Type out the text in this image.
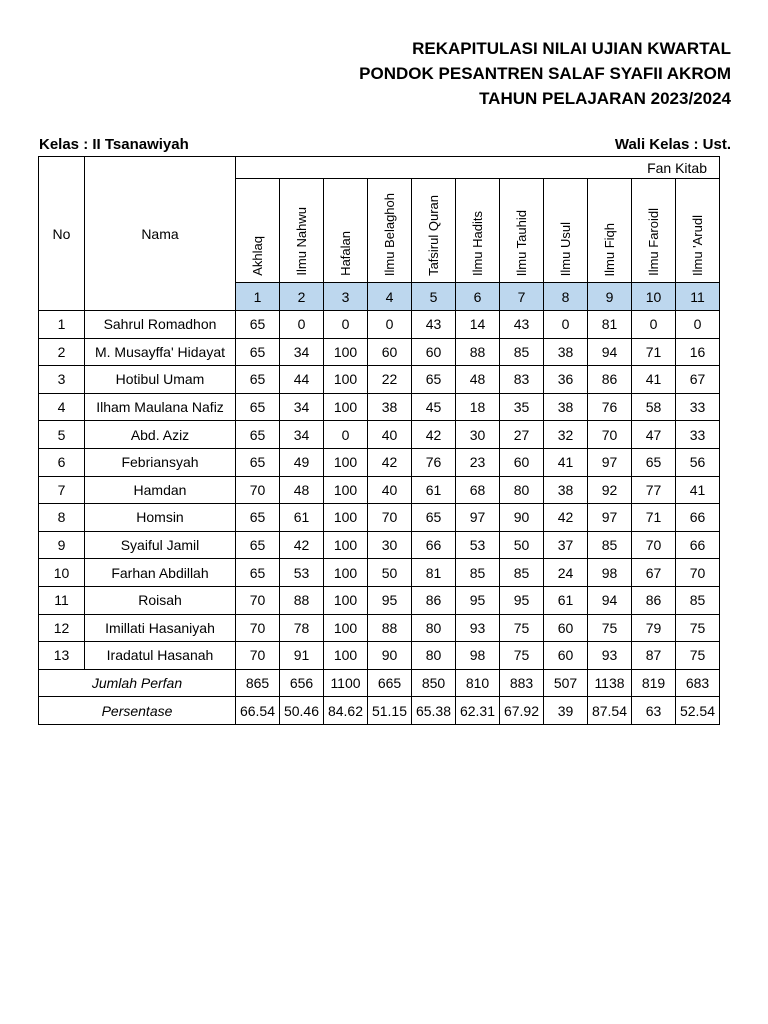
REKAPITULASI NILAI UJIAN KWARTAL
PONDOK PESANTREN SALAF SYAFII AKROM
TAHUN PELAJARAN 2023/2024
Kelas : II Tsanawiyah	Wali Kelas : Ust.
No	Nama	Fan Kitab										
		Akhlaq	Ilmu Nahwu	Hafalan	Ilmu Belaghoh	Tafsirul Quran	Ilmu Hadits	Ilmu Tauhid	Ilmu Usul	Ilmu Fiqh	Ilmu Faroidl	Ilmu 'Arudl
		1	2	3	4	5	6	7	8	9	10	11
1	Sahrul Romadhon	65	0	0	0	43	14	43	0	81	0	0
2	M. Musayffa' Hidayat	65	34	100	60	60	88	85	38	94	71	16
3	Hotibul Umam	65	44	100	22	65	48	83	36	86	41	67
4	Ilham Maulana Nafiz	65	34	100	38	45	18	35	38	76	58	33
5	Abd. Aziz	65	34	0	40	42	30	27	32	70	47	33
6	Febriansyah	65	49	100	42	76	23	60	41	97	65	56
7	Hamdan	70	48	100	40	61	68	80	38	92	77	41
8	Homsin	65	61	100	70	65	97	90	42	97	71	66
9	Syaiful Jamil	65	42	100	30	66	53	50	37	85	70	66
10	Farhan Abdillah	65	53	100	50	81	85	85	24	98	67	70
11	Roisah	70	88	100	95	86	95	95	61	94	86	85
12	Imillati Hasaniyah	70	78	100	88	80	93	75	60	75	79	75
13	Iradatul Hasanah	70	91	100	90	80	98	75	60	93	87	75
Jumlah Perfan		865	656	1100	665	850	810	883	507	1138	819	683
Persentase		66.54	50.46	84.62	51.15	65.38	62.31	67.92	39	87.54	63	52.54
